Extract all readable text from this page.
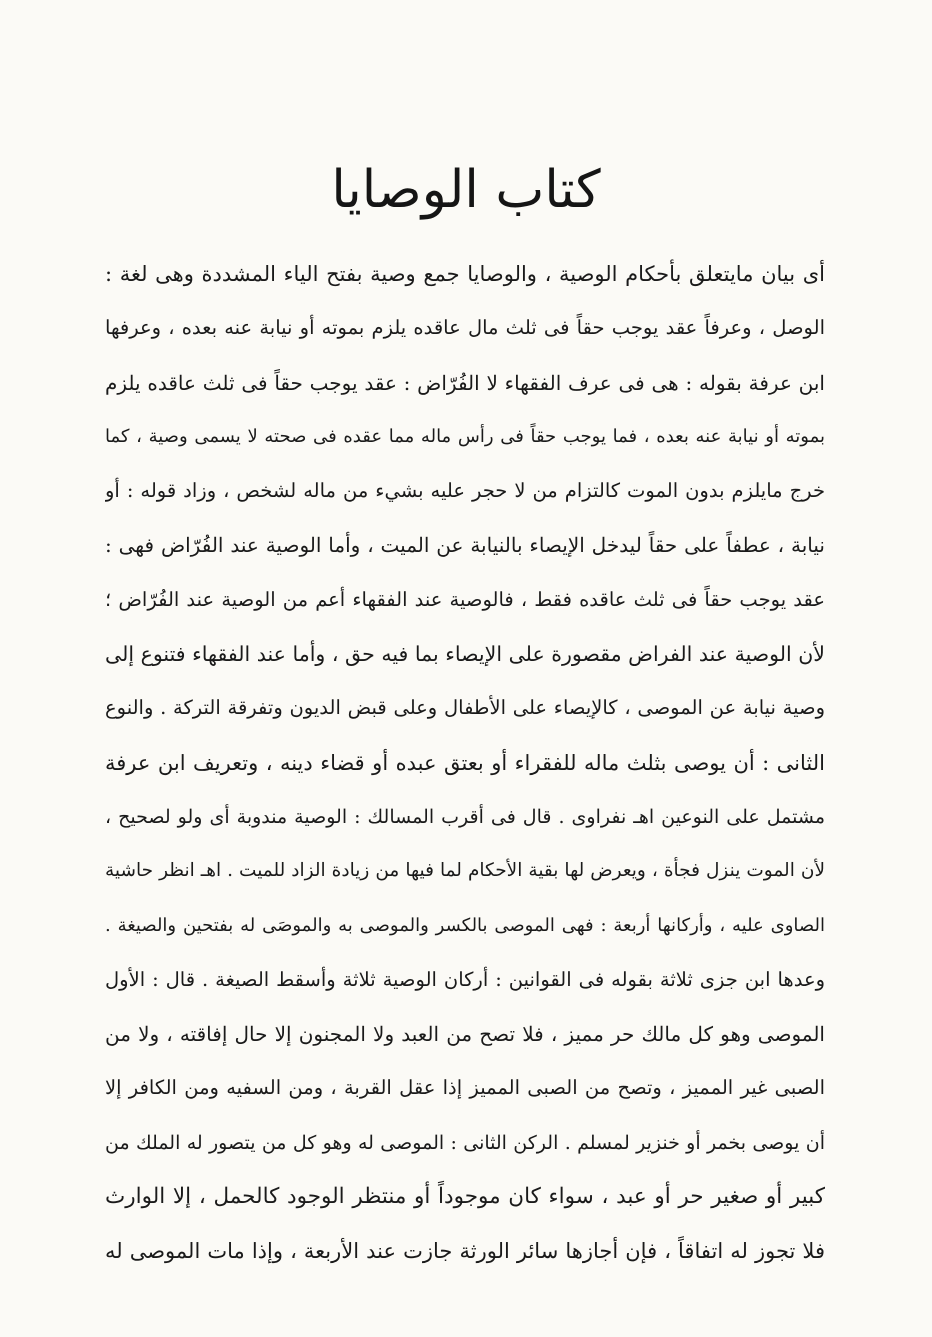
كتاب الوصايا
أى بيان مايتعلق بأحكام الوصية ، والوصايا جمع وصية بفتح الياء المشددة وهى لغة :
الوصل ، وعرفاً عقد يوجب حقاً فى ثلث مال عاقده يلزم بموته أو نيابة عنه بعده ، وعرفها
ابن عرفة بقوله : هى فى عرف الفقهاء لا الفُرّاض : عقد يوجب حقاً فى ثلث عاقده يلزم
بموته أو نيابة عنه بعده ، فما يوجب حقاً فى رأس ماله مما عقده فى صحته لا يسمى وصية ، كما
خرج مايلزم بدون الموت كالتزام من لا حجر عليه بشيء من ماله لشخص ، وزاد قوله : أو
نيابة ، عطفاً على حقاً ليدخل الإيصاء بالنيابة عن الميت ، وأما الوصية عند الفُرّاض فهى :
عقد يوجب حقاً فى ثلث عاقده فقط ، فالوصية عند الفقهاء أعم من الوصية عند الفُرّاض ؛
لأن الوصية عند الفراض مقصورة على الإيصاء بما فيه حق ، وأما عند الفقهاء فتنوع إلى
وصية نيابة عن الموصى ، كالإيصاء على الأطفال وعلى قبض الديون وتفرقة التركة . والنوع
الثانى : أن يوصى بثلث ماله للفقراء أو بعتق عبده أو قضاء دينه ، وتعريف ابن عرفة
مشتمل على النوعين اهـ نفراوى . قال فى أقرب المسالك : الوصية مندوبة أى ولو لصحيح ،
لأن الموت ينزل فجأة ، ويعرض لها بقية الأحكام لما فيها من زيادة الزاد للميت . اهـ انظر حاشية
الصاوى عليه ، وأركانها أربعة : فهى الموصى بالكسر والموصى به والموصَى له بفتحين والصيغة .
وعدها ابن جزى ثلاثة بقوله فى القوانين : أركان الوصية ثلاثة وأسقط الصيغة . قال : الأول
الموصى وهو كل مالك حر مميز ، فلا تصح من العبد ولا المجنون إلا حال إفاقته ، ولا من
الصبى غير المميز ، وتصح من الصبى المميز إذا عقل القربة ، ومن السفيه ومن الكافر إلا
أن يوصى بخمر أو خنزير لمسلم . الركن الثانى : الموصى له وهو كل من يتصور له الملك من
كبير أو صغير حر أو عبد ، سواء كان موجوداً أو منتظر الوجود كالحمل ، إلا الوارث
فلا تجوز له اتفاقاً ، فإن أجازها سائر الورثة جازت عند الأربعة ، وإذا مات الموصى له
